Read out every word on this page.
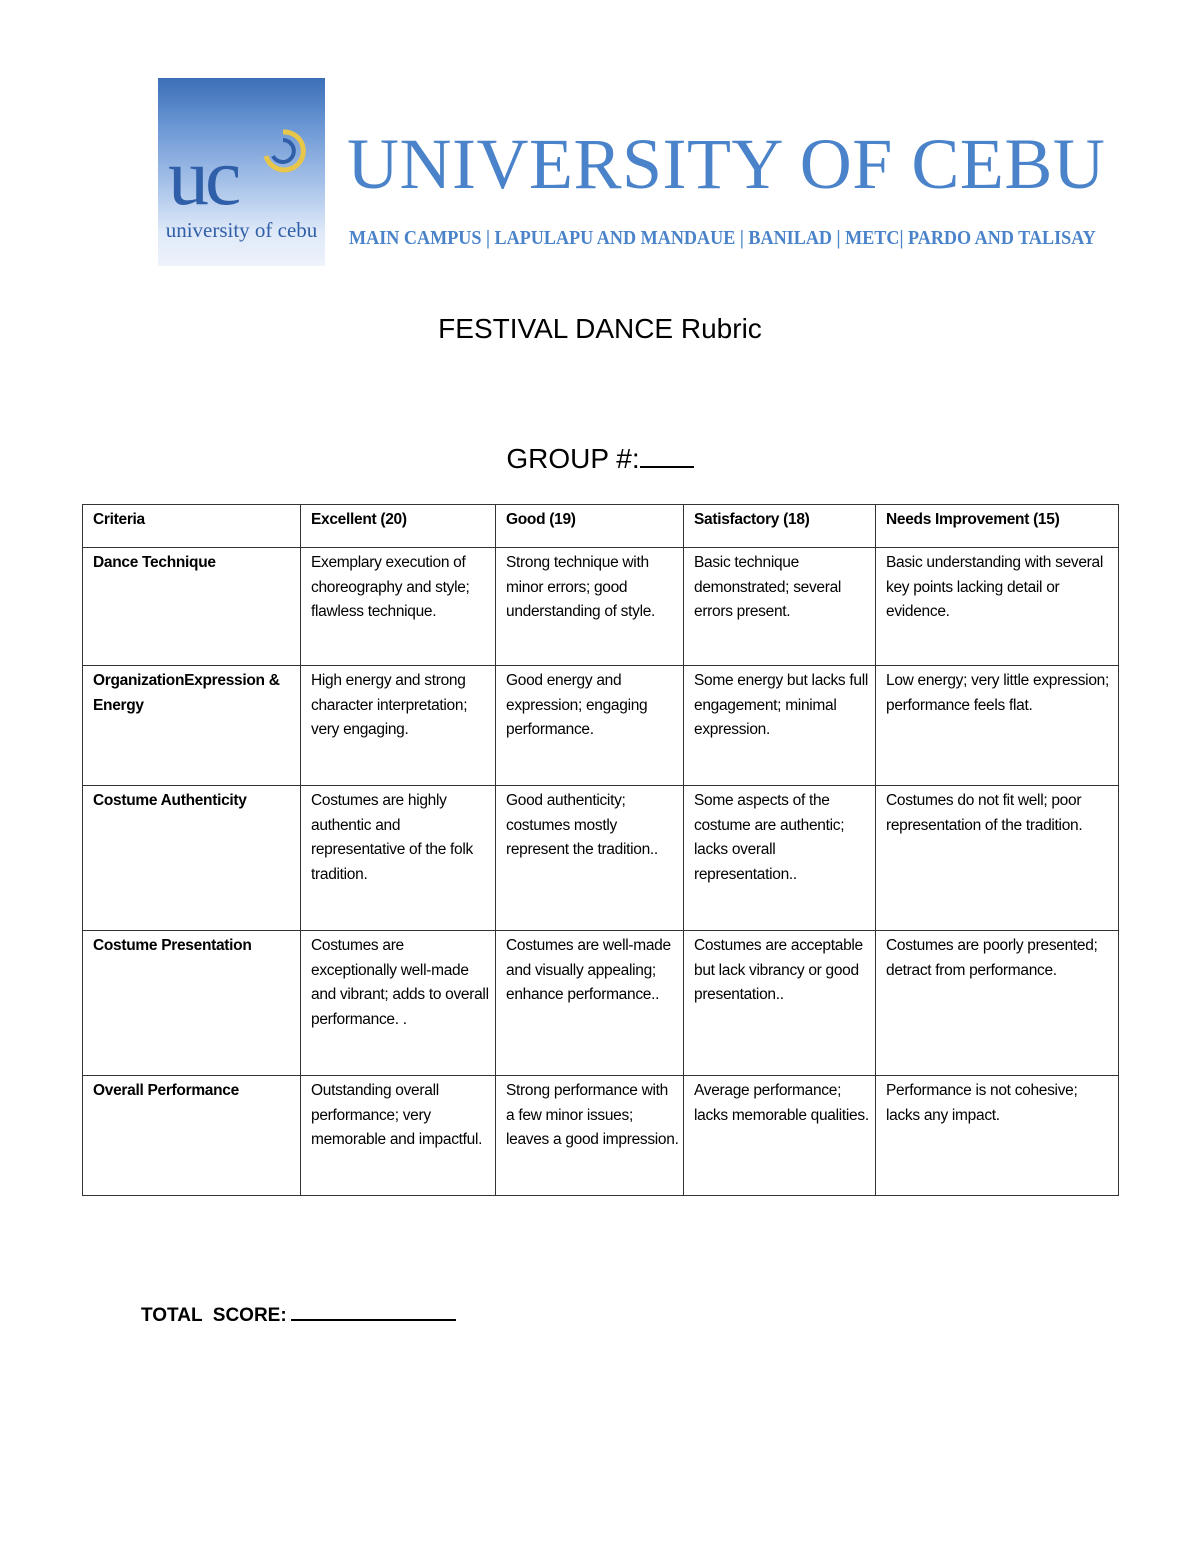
uc
university of cebu
UNIVERSITY OF CEBU
MAIN CAMPUS | LAPULAPU AND MANDAUE | BANILAD | METC| PARDO AND TALISAY
FESTIVAL DANCE Rubric
GROUP #:
Criteria	Excellent (20)	Good (19)	Satisfactory (18)	Needs Improvement (15)
Dance Technique	Exemplary execution of choreography and style; flawless technique.	Strong technique with minor errors; good understanding of style.	Basic technique demonstrated; several errors present.	Basic understanding with several key points lacking detail or evidence.
OrganizationExpression & Energy	High energy and strong character interpretation; very engaging.	Good energy and expression; engaging performance.	Some energy but lacks full engagement; minimal expression.	Low energy; very little expression; performance feels flat.
Costume Authenticity	Costumes are highly authentic and representative of the folk tradition.	Good authenticity; costumes mostly represent the tradition..	Some aspects of the costume are authentic; lacks overall representation..	Costumes do not fit well; poor representation of the tradition.
Costume Presentation	Costumes are exceptionally well-made and vibrant; adds to overall performance. .	Costumes are well-made and visually appealing; enhance performance..	Costumes are acceptable but lack vibrancy or good presentation..	Costumes are poorly presented; detract from performance.
Overall Performance	Outstanding overall performance; very memorable and impactful.	Strong performance with a few minor issues; leaves a good impression.	Average performance; lacks memorable qualities.	Performance is not cohesive; lacks any impact.
TOTAL  SCORE:
